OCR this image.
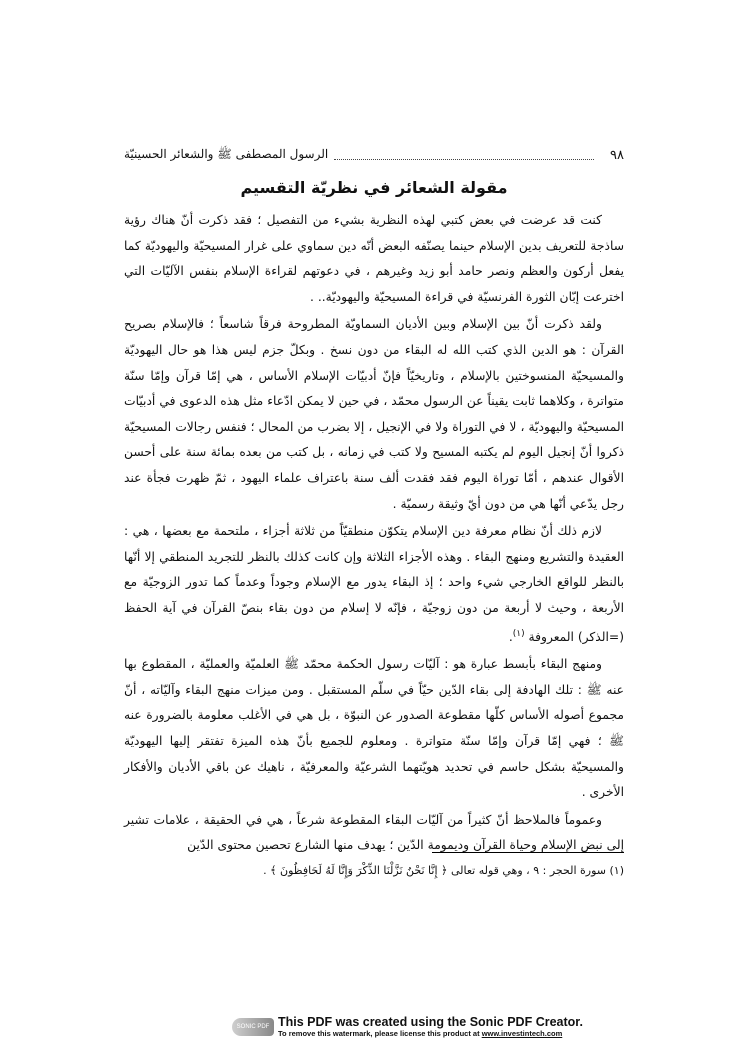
٩٨
الرسول المصطفى ﷺ والشعائر الحسينيّة
مقولة الشعائر في نظريّة التقسيم

كنت قد عرضت في بعض كتبي لهذه النظرية بشيء من التفصيل ؛ فقد ذكرت أنّ هناك رؤية ساذجة للتعريف بدين الإسلام حينما يصنّفه البعض أنّه دين سماوي على غرار المسيحيّة واليهوديّة كما يفعل أركون والعظم ونصر حامد أبو زيد وغيرهم ، في دعوتهم لقراءة الإسلام بنفس الآليّات التي اخترعت إبّان الثورة الفرنسيّة في قراءة المسيحيّة واليهوديّة.. .

ولقد ذكرت أنّ بين الإسلام وبين الأديان السماويّة المطروحة فرقاً شاسعاً ؛ فالإسلام بصريح القرآن : هو الدين الذي كتب الله له البقاء من دون نسخ . وبكلّ جزم ليس هذا هو حال اليهوديّة والمسيحيّة المنسوختين بالإسلام ، وتاريخيّاً فإنّ أدبيّات الإسلام الأساس ، هي إمّا قرآن وإمّا سنّة متواترة ، وكلاهما ثابت يقيناً عن الرسول محمّد ، في حين لا يمكن ادّعاء مثل هذه الدعوى في أدبيّات المسيحيّة واليهوديّة ، لا في التوراة ولا في الإنجيل ، إلا بضرب من المحال ؛ فنفس رجالات المسيحيّة ذكروا أنّ إنجيل اليوم لم يكتبه المسيح ولا كتب في زمانه ، بل كتب من بعده بمائة سنة على أحسن الأقوال عندهم ، أمّا توراة اليوم فقد فقدت ألف سنة باعتراف علماء اليهود ، ثمّ ظهرت فجأة عند رجل يدّعي أنّها هي من دون أيّ وثيقة رسميّة .

لازم ذلك أنّ نظام معرفة دين الإسلام يتكوّن منطقيّاً من ثلاثة أجزاء ، ملتحمة مع بعضها ، هي : العقيدة والتشريع ومنهج البقاء . وهذه الأجزاء الثلاثة وإن كانت كذلك بالنظر للتجريد المنطقي إلا أنّها بالنظر للواقع الخارجي شيء واحد ؛ إذ البقاء يدور مع الإسلام وجوداً وعدماً كما تدور الزوجيّة مع الأربعة ، وحيث لا أربعة من دون زوجيّة ، فإنّه لا إسلام من دون بقاء بنصّ القرآن في آية الحفظ (=الذكر) المعروفة $^{(١)}$.

ومنهج البقاء بأبسط عبارة هو : آليّات رسول الحكمة محمّد ﷺ العلميّة والعمليّة ، المقطوع بها عنه ﷺ : تلك الهادفة إلى بقاء الدّين حيّاً في سلّم المستقبل . ومن ميزات منهج البقاء وآليّاته ، أنّ مجموع أصوله الأساس كلّها مقطوعة الصدور عن النبوّة ، بل هي في الأغلب معلومة بالضرورة عنه ﷺ ؛ فهي إمّا قرآن وإمّا سنّة متواترة . ومعلوم للجميع بأنّ هذه الميزة تفتقر إليها اليهوديّة والمسيحيّة بشكل حاسم في تحديد هويّتهما الشرعيّة والمعرفيّة ، ناهيك عن باقي الأديان والأفكار الأخرى .

وعموماً فالملاحظ أنّ كثيراً من آليّات البقاء المقطوعة شرعاً ، هي في الحقيقة ، علامات تشير إلى نبض الإسلام وحياة القرآن وديمومة الدّين ؛ يهدف منها الشارع تحصين محتوى الدّين

(١) سورة الحجر : ٩ ، وهي قوله تعالى ﴿ إِنَّا نَحْنُ نَزَّلْنَا الذِّكْرَ وَإِنَّا لَهُ لَحَافِظُونَ ﴾ .
SONIC PDF This PDF was created using the Sonic PDF Creator.
To remove this watermark, please license this product at www.investintech.com
